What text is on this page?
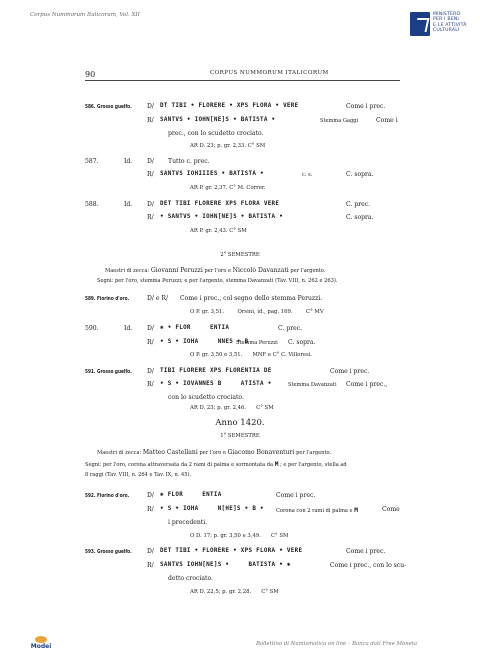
Corpus Nummorum Italicorum, Vol. XII	MINISTERO
PER I BENI
E LE ATTIVITÀ
CULTURALI
90	CORPUS NUMMORUM ITALICORUM
586. Grosso guelfo.	D/ DT TIBI • FLORERE • XPS FLORA • VERE	Come i prec.
R/ SANTVS • IOHN[NE]S • BATISTA •	Stemma Gaggi	Come i
prec., con lo scudetto crociato.
AR D. 23; p. gr. 2,33. C° SM
587.	Id. D/ Tutto c. prec.
R/ SANTVS IOHIIIES • BATISTA •	c. s.	C. sopra.
AR P. gr. 2,37. C° M. Correr.
588.	Id. D/ DET TIBI FLORERE XPS FLORA VERE	C. prec.
R/ • SANTVS • IOHN[NE]S • BATISTA •	C. sopra.
AR P. gr. 2,43. C° SM
2° SEMESTRE
Maestri di zecca: Giovanni Peruzzi per l'oro e Niccolò Davanzati per l'argento.
Segni: per l'oro, stemma Peruzzi; e per l'argento, stemma Davanzati (Tav. VIII, n. 262 e 263).
589. Fiorino d'oro.	D/ e R/ Come i prec., col segno dello stemma Peruzzi.
O P. gr. 3,51.        Orsini, id., pag. 169.        C° MV
590.	Id. D/ ✱ • FLOR     ENTIA	C. prec.
R/ • S • IOHA     NNES • B
Stemma Peruzzi C. sopra.
O P. gr. 3,50 e 3,51.      MNF e C° C. Villoresi.
591. Grosso guelfo.	D/ TIBI FLORERE XPS FLORENTIA DE	Come i prec.
R/ • S • IOVANNES B     ATISTA •	Stemma Davanzati Come i prec.,
con lo scudetto crociato.
AR D. 23; p. gr. 2,46.      C° SM
Anno 1420.
1° SEMESTRE
Maestri di zecca: Matteo Castellani per l'oro e Giacomo Bonaventuri per l'argento.
Segni: per l'oro, corona attraversata da 2 rami di palma e sormontata da M ; e per l'argento, stella ad
8 raggi (Tav. VIII, n. 264 e Tav. IX, n. 45).
592. Fiorino d'oro.	D/ ✱ FLOR     ENTIA	Come i prec.
R/ • S • IOHA     N[HE]S • B • Corona con 2 rami di palma e M	Come
i precedenti.
O D. 17; p. gr. 3,50 e 3,49.      C° SM
593. Grosso guelfo.	D/ DET TIBI • FLORERE • XPS FLORA • VERE	Come i prec.
R/ SANTVS IOHN[NE]S •     BATISTA • ✱	Come i prec., con lo scu-
detto crociato.
AR D. 22,5; p. gr. 2,28.      C° SM
Modei	Bollettino di Numismatica on line – Banca dati Free Moneta
